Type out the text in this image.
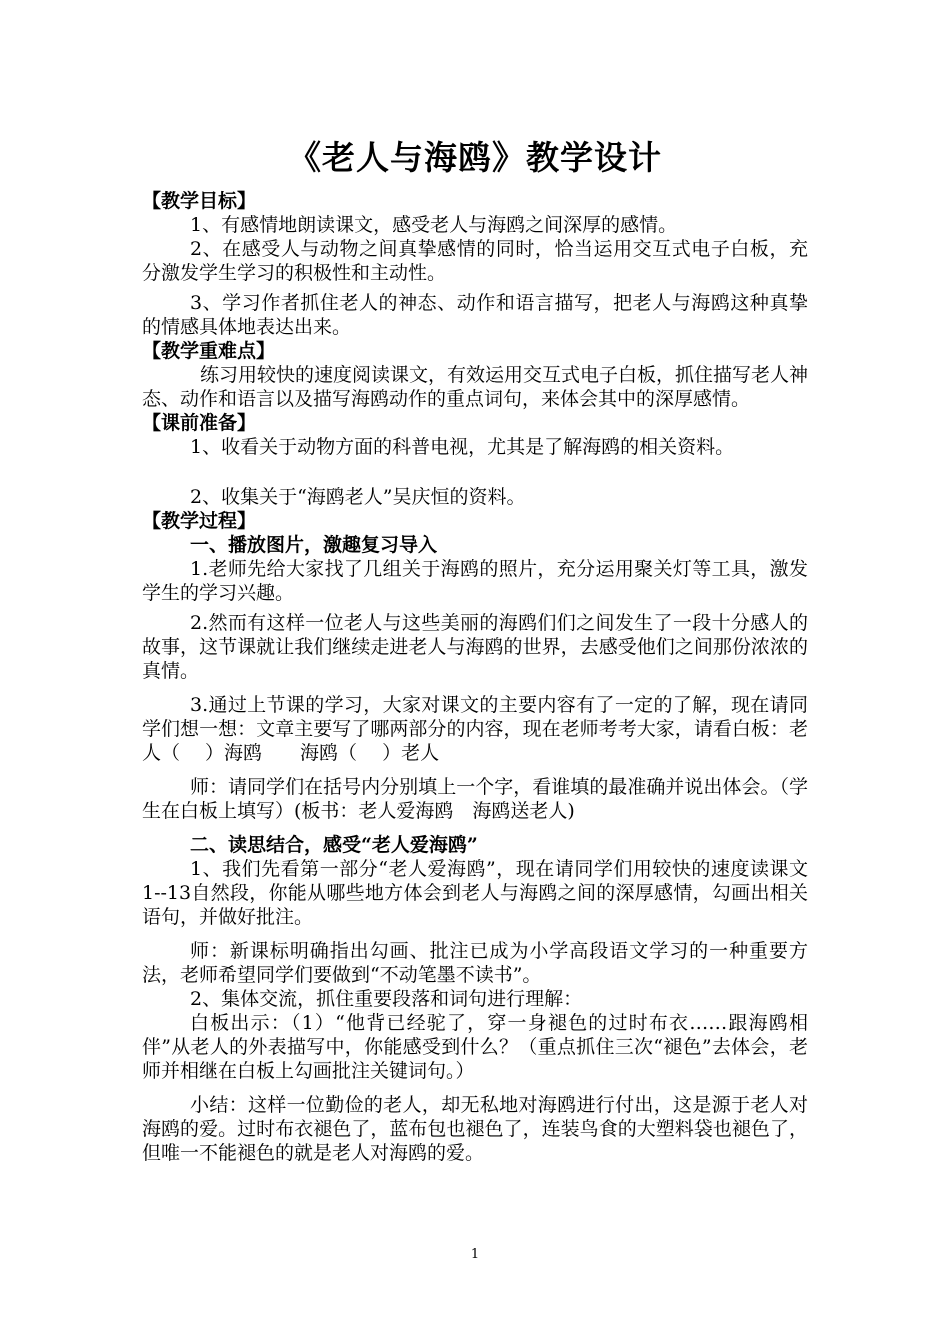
《老人与海鸥》教学设计

【教学目标】

1、有感情地朗读课文，感受老人与海鸥之间深厚的感情。

2、在感受人与动物之间真挚感情的同时，恰当运用交互式电子白板，充分激发学生学习的积极性和主动性。

3、学习作者抓住老人的神态、动作和语言描写，把老人与海鸥这种真挚的情感具体地表达出来。

【教学重难点】

练习用较快的速度阅读课文，有效运用交互式电子白板，抓住描写老人神态、动作和语言以及描写海鸥动作的重点词句，来体会其中的深厚感情。

【课前准备】

1、收看关于动物方面的科普电视，尤其是了解海鸥的相关资料。

2、收集关于“海鸥老人”吴庆恒的资料。

【教学过程】

一、播放图片，激趣复习导入

1.老师先给大家找了几组关于海鸥的照片，充分运用聚关灯等工具，激发学生的学习兴趣。

2.然而有这样一位老人与这些美丽的海鸥们们之间发生了一段十分感人的故事，这节课就让我们继续走进老人与海鸥的世界，去感受他们之间那份浓浓的真情。

3.通过上节课的学习，大家对课文的主要内容有了一定的了解，现在请同学们想一想：文章主要写了哪两部分的内容，现在老师考考大家，请看白板：老人（　 ）海鸥　　海鸥（　 ）老人

师：请同学们在括号内分别填上一个字，看谁填的最准确并说出体会。（学生在白板上填写）(板书：老人爱海鸥　海鸥送老人)

二、读思结合，感受“老人爱海鸥”

1、我们先看第一部分“老人爱海鸥”，现在请同学们用较快的速度读课文1--13自然段，你能从哪些地方体会到老人与海鸥之间的深厚感情，勾画出相关语句，并做好批注。

师：新课标明确指出勾画、批注已成为小学高段语文学习的一种重要方法，老师希望同学们要做到“不动笔墨不读书”。

2、集体交流，抓住重要段落和词句进行理解：

白板出示：（1）“他背已经驼了，穿一身褪色的过时布衣……跟海鸥相伴”从老人的外表描写中，你能感受到什么？（重点抓住三次“褪色”去体会，老师并相继在白板上勾画批注关键词句。）

小结：这样一位勤俭的老人，却无私地对海鸥进行付出，这是源于老人对海鸥的爱。过时布衣褪色了，蓝布包也褪色了，连装鸟食的大塑料袋也褪色了，但唯一不能褪色的就是老人对海鸥的爱。

1
